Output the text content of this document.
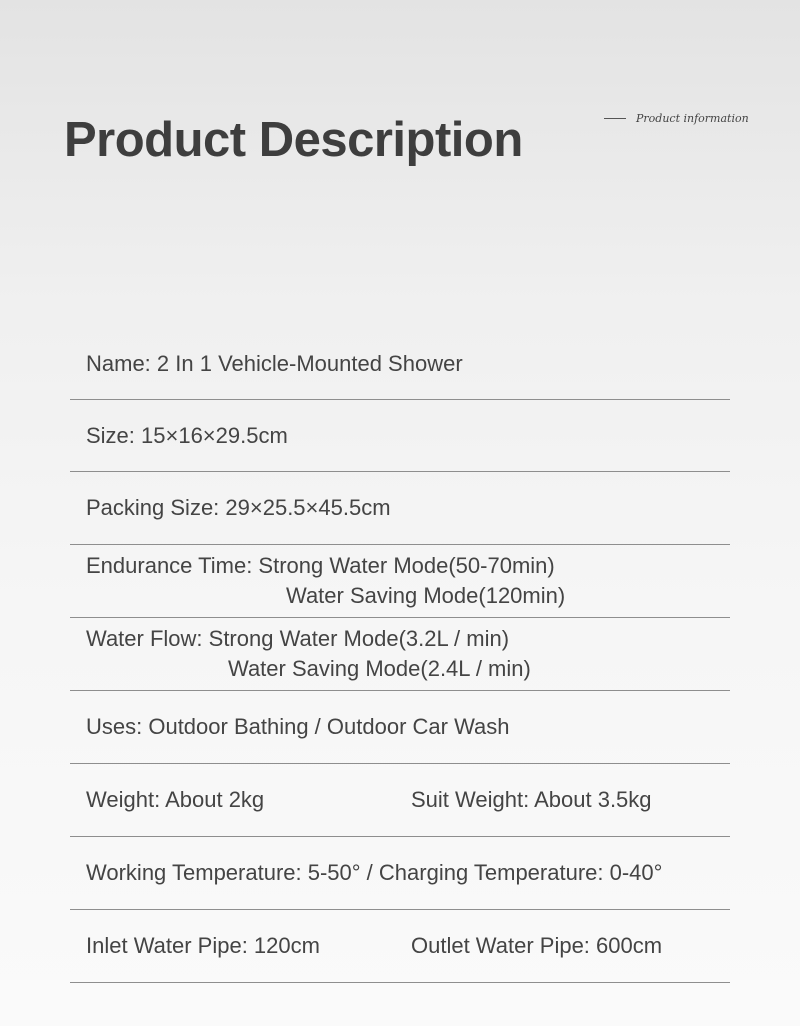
Product Description	Product information
Name: 2 In 1 Vehicle-Mounted Shower
Size: 15×16×29.5cm
Packing Size: 29×25.5×45.5cm
Endurance Time: Strong Water Mode(50-70min)
Water Saving Mode(120min)
Water Flow: Strong Water Mode(3.2L / min)
Water Saving Mode(2.4L / min)
Uses: Outdoor Bathing / Outdoor Car Wash
Weight: About 2kg	Suit Weight: About 3.5kg
Working Temperature: 5-50° / Charging Temperature: 0-40°
Inlet Water Pipe: 120cm	Outlet Water Pipe: 600cm
